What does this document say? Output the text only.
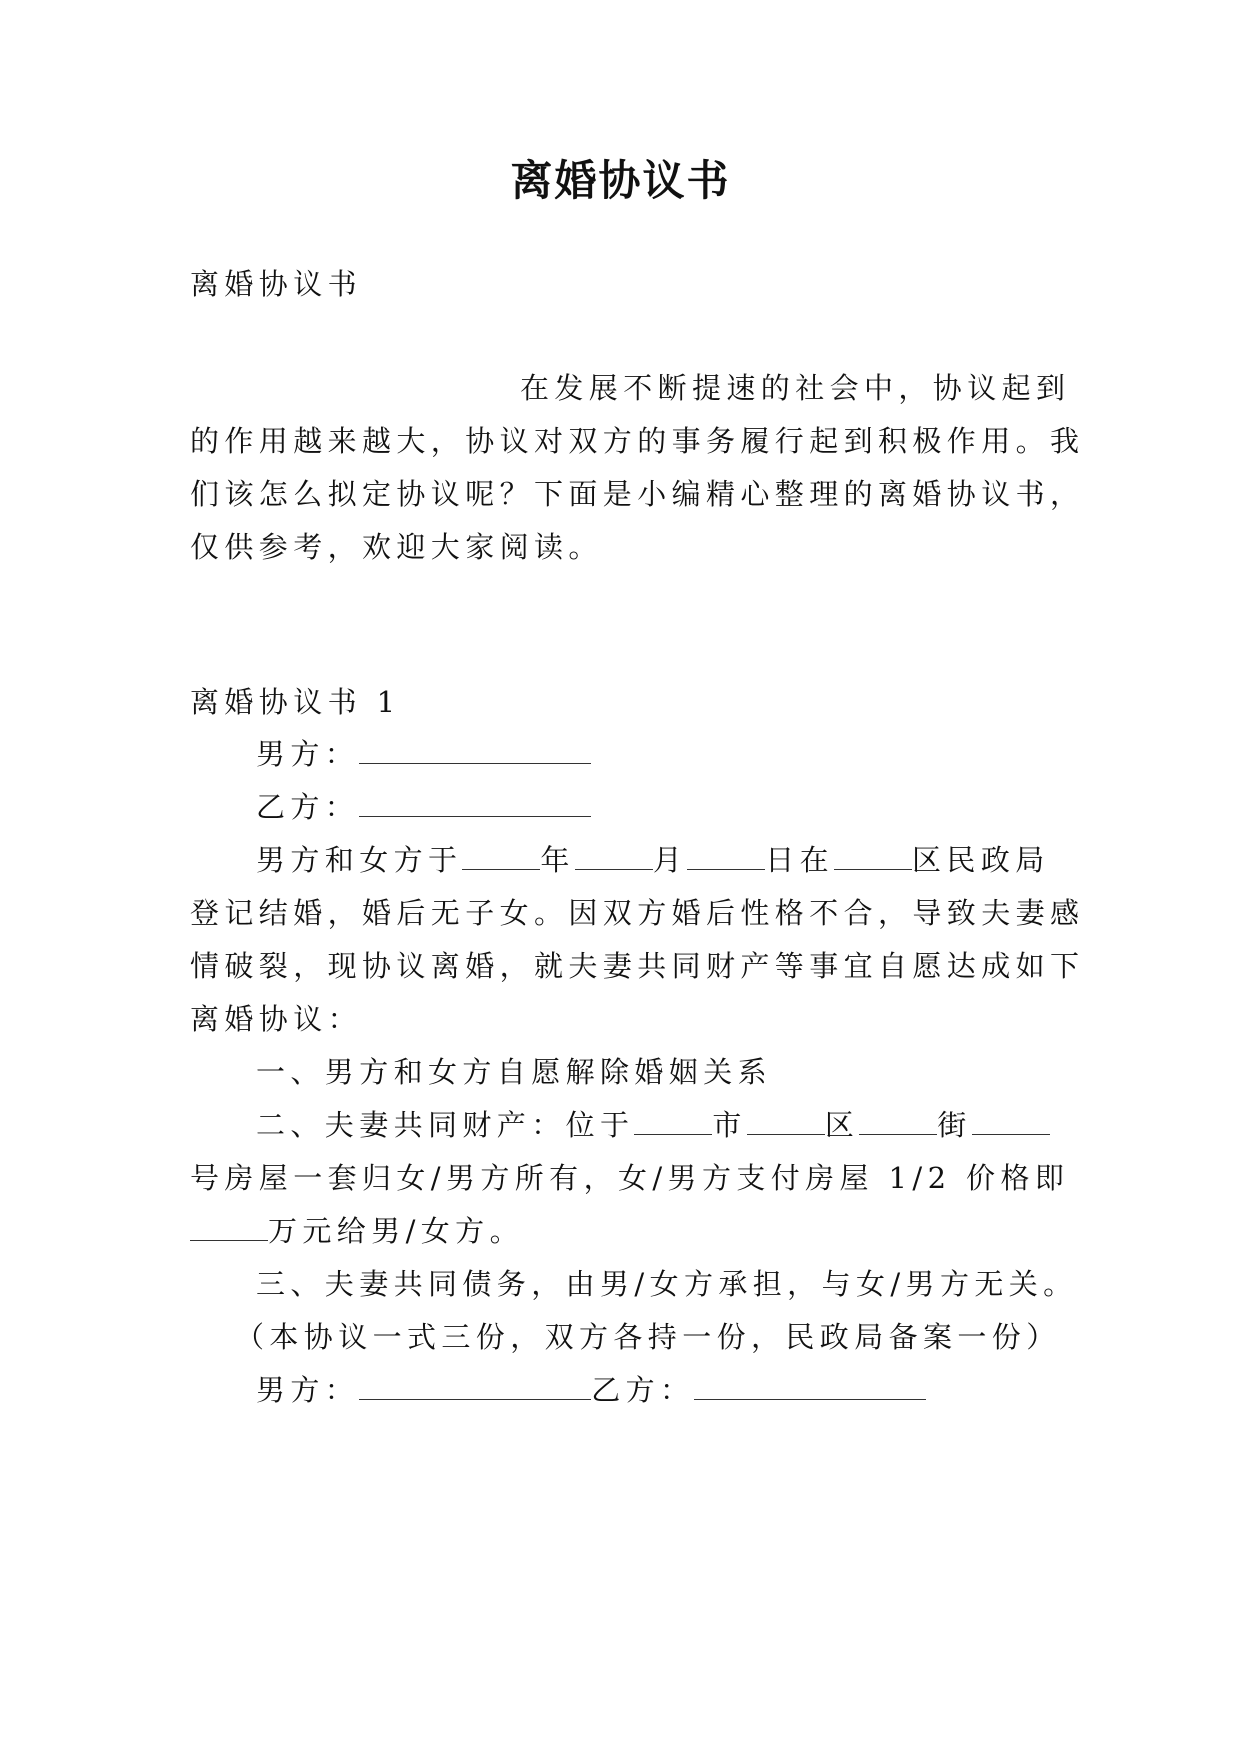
离婚协议书
离婚协议书
在发展不断提速的社会中，协议起到
的作用越来越大，协议对双方的事务履行起到积极作用。我
们该怎么拟定协议呢？下面是小编精心整理的离婚协议书，
仅供参考，欢迎大家阅读。
离婚协议书 1
男方：
乙方：
男方和女方于	年	月	日在	区民政局
登记结婚，婚后无子女。因双方婚后性格不合，导致夫妻感
情破裂，现协议离婚，就夫妻共同财产等事宜自愿达成如下
离婚协议：
一、男方和女方自愿解除婚姻关系
二、夫妻共同财产：位于	市	区	街
号房屋一套归女/男方所有，女/男方支付房屋 1/2 价格即
万元给男/女方。
三、夫妻共同债务，由男/女方承担，与女/男方无关。
（本协议一式三份，双方各持一份，民政局备案一份）
男方：	乙方：
